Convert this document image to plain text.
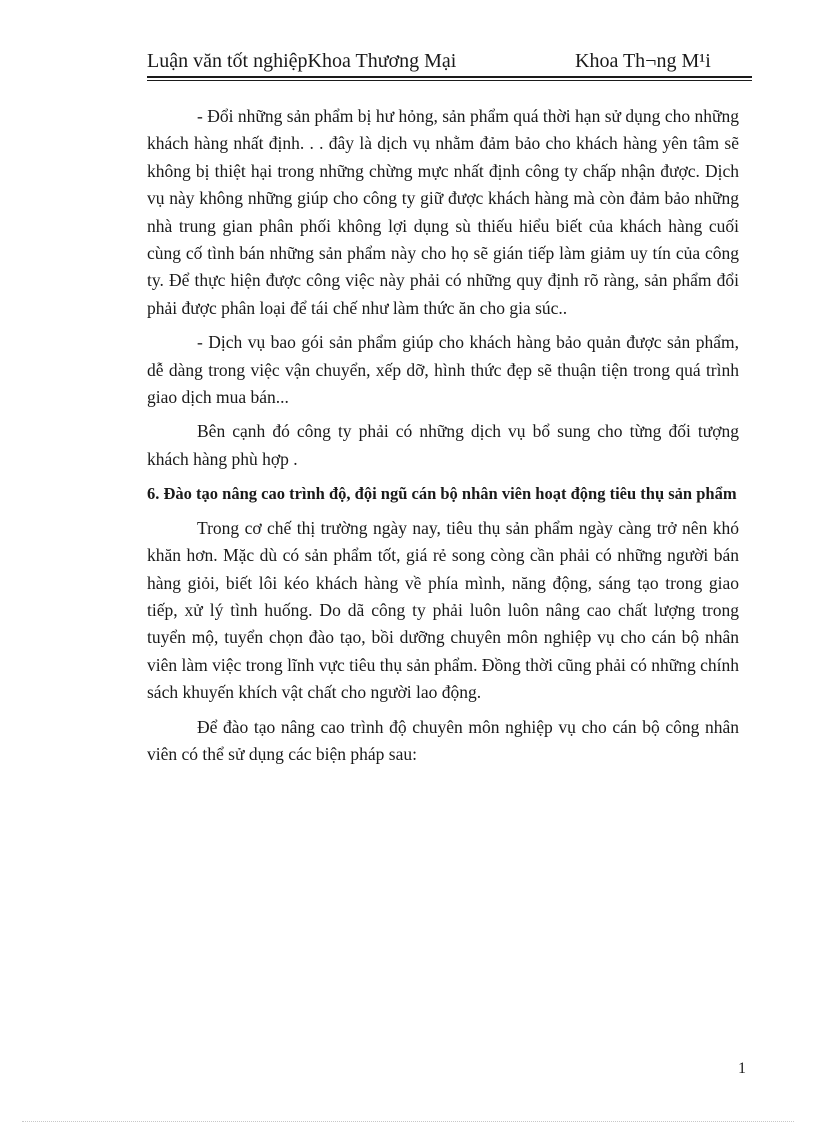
Luận văn tốt nghiệpKhoa Thương Mại	Khoa Th¬ng M¹i

- Đổi những sản phẩm bị hư hỏng, sản phẩm quá thời hạn sử dụng cho những khách hàng nhất định. . . đây là dịch vụ nhằm đảm bảo cho khách hàng yên tâm sẽ không bị thiệt hại trong những chừng mực nhất định công ty chấp nhận được. Dịch vụ này không những giúp cho công ty giữ được khách hàng mà còn đảm bảo những nhà trung gian phân phối không lợi dụng sù thiếu hiểu biết của khách hàng cuối cùng cố tình bán những sản phẩm này cho họ sẽ gián tiếp làm giảm uy tín của công ty. Để thực hiện được công việc này phải có những quy định rõ ràng, sản phẩm đổi phải được phân loại để tái chế như làm thức ăn cho gia súc..

- Dịch vụ bao gói sản phẩm giúp cho khách hàng bảo quản được sản phẩm, dễ dàng trong việc vận chuyển, xếp dỡ, hình thức đẹp sẽ thuận tiện trong quá trình giao dịch mua bán...

Bên cạnh đó công ty phải có những dịch vụ bổ sung cho từng đối tượng khách hàng phù hợp .

6. Đào tạo nâng cao trình độ, đội ngũ cán bộ nhân viên hoạt động tiêu thụ sản phẩm

Trong cơ chế thị trường ngày nay, tiêu thụ sản phẩm ngày càng trở nên khó khăn hơn. Mặc dù có sản phẩm tốt, giá rẻ song còng cần phải có những người bán hàng giỏi, biết lôi kéo khách hàng về phía mình, năng động, sáng tạo trong giao tiếp, xử lý tình huống. Do dã công ty phải luôn luôn nâng cao chất lượng trong tuyển mộ, tuyển chọn đào tạo, bồi dưỡng chuyên môn nghiệp vụ cho cán bộ nhân viên làm việc trong lĩnh vực tiêu thụ sản phẩm. Đồng thời cũng phải có những chính sách khuyến khích vật chất cho người lao động.

Để đào tạo nâng cao trình độ chuyên môn nghiệp vụ cho cán bộ công nhân viên có thể sử dụng các biện pháp sau:

1
